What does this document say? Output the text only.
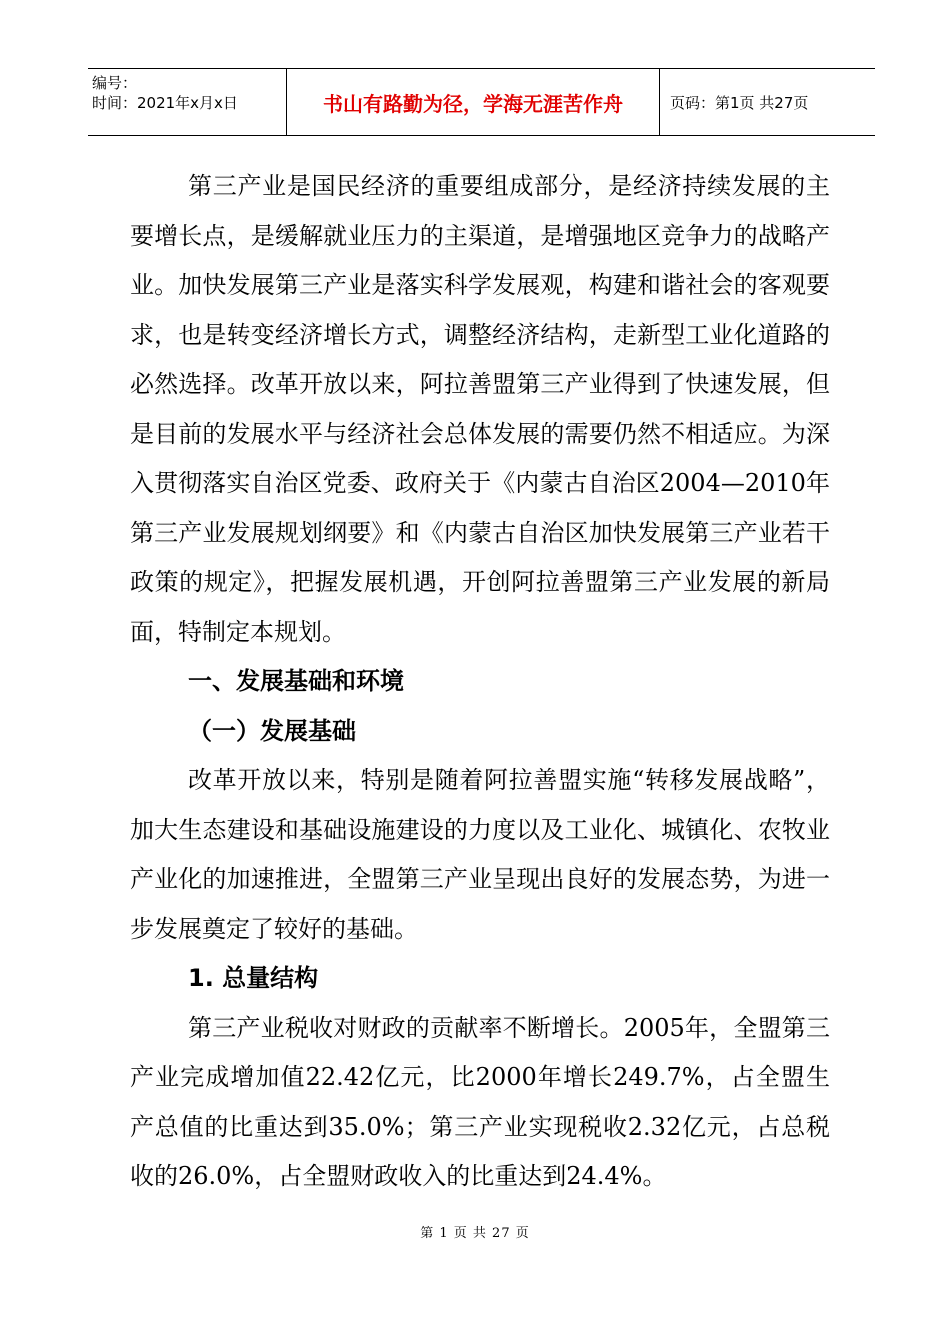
编号：
时间：2021年x月x日	书山有路勤为径，学海无涯苦作舟	页码：第1页 共27页

第三产业是国民经济的重要组成部分，是经济持续发展的主要增长点，是缓解就业压力的主渠道，是增强地区竞争力的战略产业。加快发展第三产业是落实科学发展观，构建和谐社会的客观要求，也是转变经济增长方式，调整经济结构，走新型工业化道路的必然选择。改革开放以来，阿拉善盟第三产业得到了快速发展，但是目前的发展水平与经济社会总体发展的需要仍然不相适应。为深入贯彻落实自治区党委、政府关于《内蒙古自治区2004—2010年第三产业发展规划纲要》和《内蒙古自治区加快发展第三产业若干政策的规定》，把握发展机遇，开创阿拉善盟第三产业发展的新局面，特制定本规划。

一、发展基础和环境
（一）发展基础

改革开放以来，特别是随着阿拉善盟实施“转移发展战略”，加大生态建设和基础设施建设的力度以及工业化、城镇化、农牧业产业化的加速推进，全盟第三产业呈现出良好的发展态势，为进一步发展奠定了较好的基础。

1. 总量结构

第三产业税收对财政的贡献率不断增长。2005年，全盟第三产业完成增加值22.42亿元，比2000年增长249.7%，占全盟生产总值的比重达到35.0%；第三产业实现税收2.32亿元，占总税收的26.0%，占全盟财政收入的比重达到24.4%。

第 1 页 共 27 页
